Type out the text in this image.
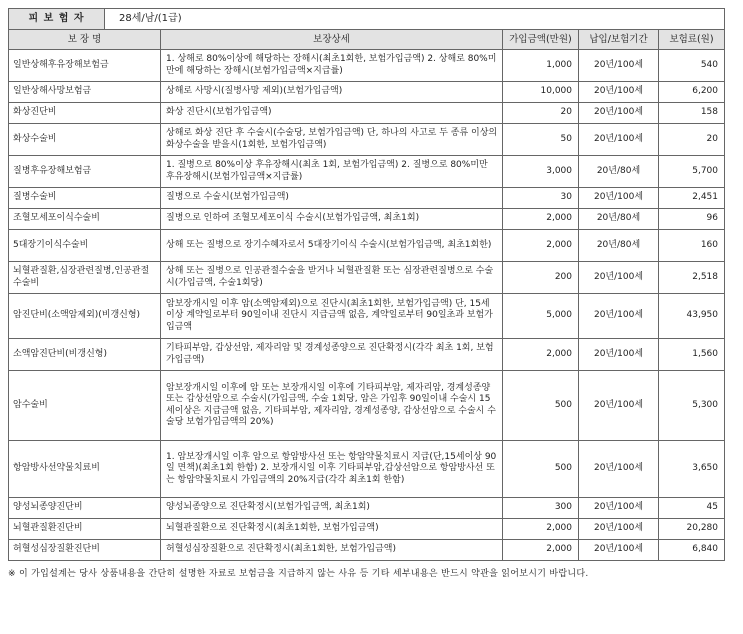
피 보 험 자	28세/남/(1급)
보 장 명	보장상세	가입금액(만원)	납입/보험기간	보험료(원)
일반상해후유장해보험금	1. 상해로 80%이상에 해당하는 장해시(최초1회한, 보험가입금액) 2. 상해로 80%미만에 해당하는 장해시(보험가입금액×지급률)	1,000	20년/100세	540
일반상해사망보험금	상해로 사망시(질병사망 제외)(보험가입금액)	10,000	20년/100세	6,200
화상진단비	화상 진단시(보험가입금액)	20	20년/100세	158
화상수술비	상해로 화상 진단 후 수술시(수술당, 보험가입금액) 단, 하나의 사고로 두 종류 이상의 화상수술을 받을시(1회한, 보험가입금액)	50	20년/100세	20
질병후유장해보험금	1. 질병으로 80%이상 후유장해시(최초 1회, 보험가입금액) 2. 질병으로 80%미만 후유장해시(보험가입금액×지급률)	3,000	20년/80세	5,700
질병수술비	질병으로 수술시(보험가입금액)	30	20년/100세	2,451
조혈모세포이식수술비	질병으로 인하여 조혈모세포이식 수술시(보험가입금액, 최초1회)	2,000	20년/80세	96
5대장기이식수술비	상해 또는 질병으로 장기수혜자로서 5대장기이식 수술시(보험가입금액, 최초1회한)	2,000	20년/80세	160
뇌혈관질환,심장관련질병,인공관절수술비	상해 또는 질병으로 인공관절수술을 받거나 뇌혈관질환 또는 심장관련질병으로 수술시(가입금액, 수술1회당)	200	20년/100세	2,518
암진단비(소액암제외)(비갱신형)	암보장개시일 이후 암(소액암제외)으로 진단시(최초1회한, 보험가입금액) 단, 15세 이상 계약일로부터 90일이내 진단시 지급금액 없음, 계약일로부터 90일초과 보험가입금액	5,000	20년/100세	43,950
소액암진단비(비갱신형)	기타피부암, 갑상선암, 제자리암 및 경계성종양으로 진단확정시(각각 최초 1회, 보험가입금액)	2,000	20년/100세	1,560
암수술비	암보장개시일 이후에 암 또는 보장개시일 이후에 기타피부암, 제자리암, 경계성종양 또는 갑상선암으로 수술시(가입금액, 수술 1회당, 암은 가입후 90일이내 수술시 15세이상은 지급금액 없음, 기타피부암, 제자리암, 경계성종양, 갑상선암으로 수술시 수술당 보험가입금액의 20%)	500	20년/100세	5,300
항암방사선약물치료비	1. 암보장개시일 이후 암으로 항암방사선 또는 항암약물치료시 지급(단,15세이상 90일 면책)(최초1회 한함) 2. 보장개시일 이후 기타피부암,갑상선암으로 항암방사선 또는 항암약물치료시 가입금액의 20%지급(각각 최초1회 한함)	500	20년/100세	3,650
양성뇌종양진단비	양성뇌종양으로 진단확정시(보험가입금액, 최초1회)	300	20년/100세	45
뇌혈관질환진단비	뇌혈관질환으로 진단확정시(최초1회한, 보험가입금액)	2,000	20년/100세	20,280
허혈성심장질환진단비	허혈성심장질환으로 진단확정시(최초1회한, 보험가입금액)	2,000	20년/100세	6,840
※ 이 가입설계는 당사 상품내용을 간단히 설명한 자료로 보험금을 지급하지 않는 사유 등 기타 세부내용은 반드시 약관을 읽어보시기 바랍니다.
